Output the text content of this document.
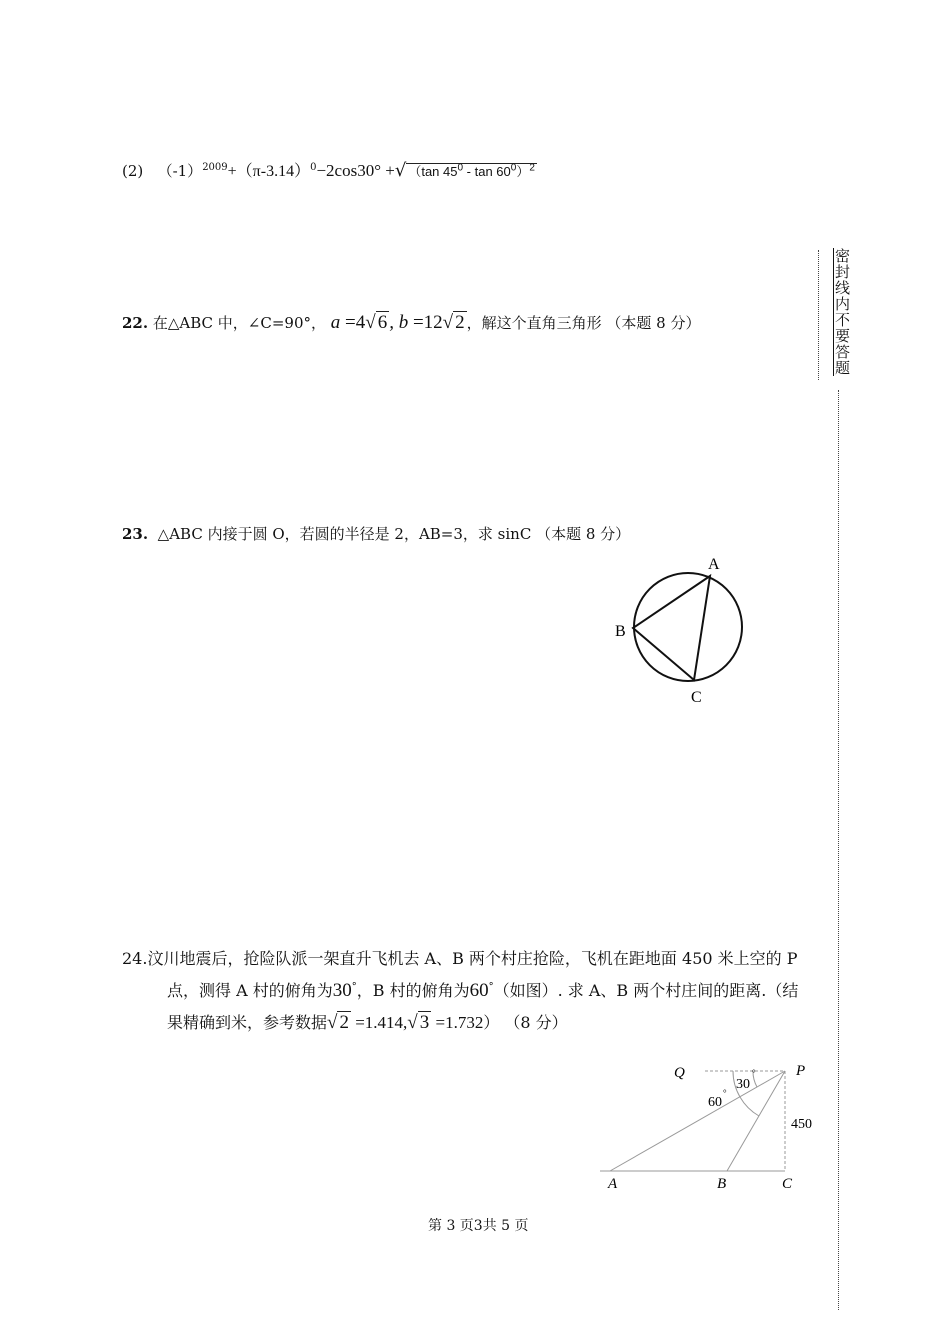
(2) $(-1)^{2009}+(\pi-3.14)^0-2\cos 30^\circ$ +√ （tan $45^0$ - $\tan 60^0)^2$
22. 在△ABC 中，∠C=90°， a =4√ 6 , b =12√ 2 ，解这个直角三角形 （本题 8 分）
23. △ABC 内接于圆 O，若圆的半径是 2，AB=3，求 sinC （本题 8 分）
A
B
C
24.汶川地震后，抢险队派一架直升飞机去 A、B 两个村庄抢险，飞机在距地面 450 米上空的 P
点，测得 A 村的俯角为30°，B 村的俯角为60°（如图）. 求 A、B 两个村庄间的距离.（结
果精确到米，参考数据√ 2 =1.414,√ 3 =1.732） （8 分）
Q	P
30
°
60
°
450
A	B	C
第 3 页3共 5 页
密封线内不要答题
